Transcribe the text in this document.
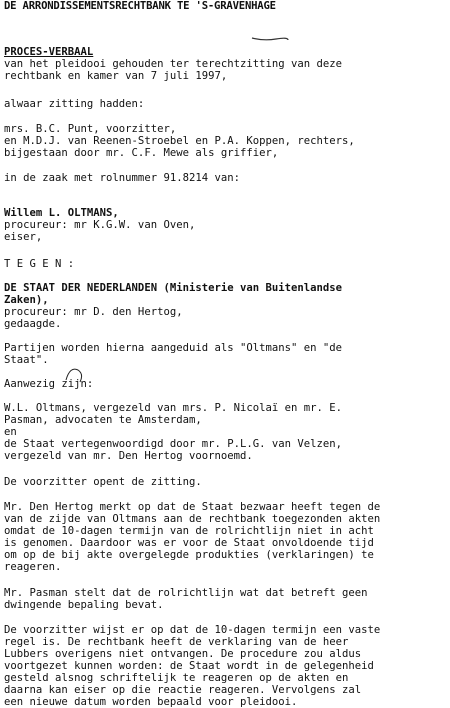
DE ARRONDISSEMENTSRECHTBANK TE 'S-GRAVENHAGE
PROCES-VERBAAL
van het pleidooi gehouden ter terechtzitting van deze
rechtbank en kamer van 7 juli 1997,
alwaar zitting hadden:
mrs. B.C. Punt, voorzitter,
en M.D.J. van Reenen-Stroebel en P.A. Koppen, rechters,
bijgestaan door mr. C.F. Mewe als griffier,
in de zaak met rolnummer 91.8214 van:
Willem L. OLTMANS,
procureur: mr K.G.W. van Oven,
eiser,
T E G E N :
DE STAAT DER NEDERLANDEN (Ministerie van Buitenlandse
Zaken),
procureur: mr D. den Hertog,
gedaagde.
Partijen worden hierna aangeduid als "Oltmans" en "de
Staat".
Aanwezig zijn:
W.L. Oltmans, vergezeld van mrs. P. Nicolaï en mr. E.
Pasman, advocaten te Amsterdam,
en
de Staat vertegenwoordigd door mr. P.L.G. van Velzen,
vergezeld van mr. Den Hertog voornoemd.
De voorzitter opent de zitting.
Mr. Den Hertog merkt op dat de Staat bezwaar heeft tegen de
van de zijde van Oltmans aan de rechtbank toegezonden akten
omdat de 10-dagen termijn van de rolrichtlijn niet in acht
is genomen. Daardoor was er voor de Staat onvoldoende tijd
om op de bij akte overgelegde produkties (verklaringen) te
reageren.
Mr. Pasman stelt dat de rolrichtlijn wat dat betreft geen
dwingende bepaling bevat.
De voorzitter wijst er op dat de 10-dagen termijn een vaste
regel is. De rechtbank heeft de verklaring van de heer
Lubbers overigens niet ontvangen. De procedure zou aldus
voortgezet kunnen worden: de Staat wordt in de gelegenheid
gesteld alsnog schriftelijk te reageren op de akten en
daarna kan eiser op die reactie reageren. Vervolgens zal
een nieuwe datum worden bepaald voor pleidooi.
